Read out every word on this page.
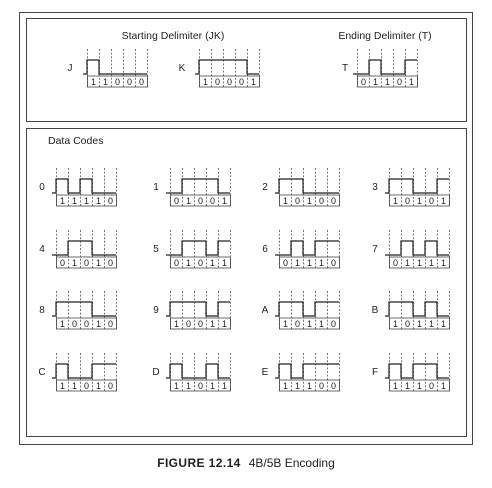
Starting Delimiter (JK)	Ending Delimiter (T)
Data Codes
J
1 1 0 0 0
K
1 0 0 0 1
T
0 1 1 0 1
0
1 1 1 1 0
1
0 1 0 0 1
2
1 0 1 0 0
3
1 0 1 0 1
4
0 1 0 1 0
5
0 1 0 1 1
6
0 1 1 1 0
7
0 1 1 1 1
8
1 0 0 1 0
9
1 0 0 1 1
A
1 0 1 1 0
B
1 0 1 1 1
C
1 1 0 1 0
D
1 1 0 1 1
E
1 1 1 0 0
F
1 1 1 0 1
FIGURE 12.14 4B/5B Encoding
